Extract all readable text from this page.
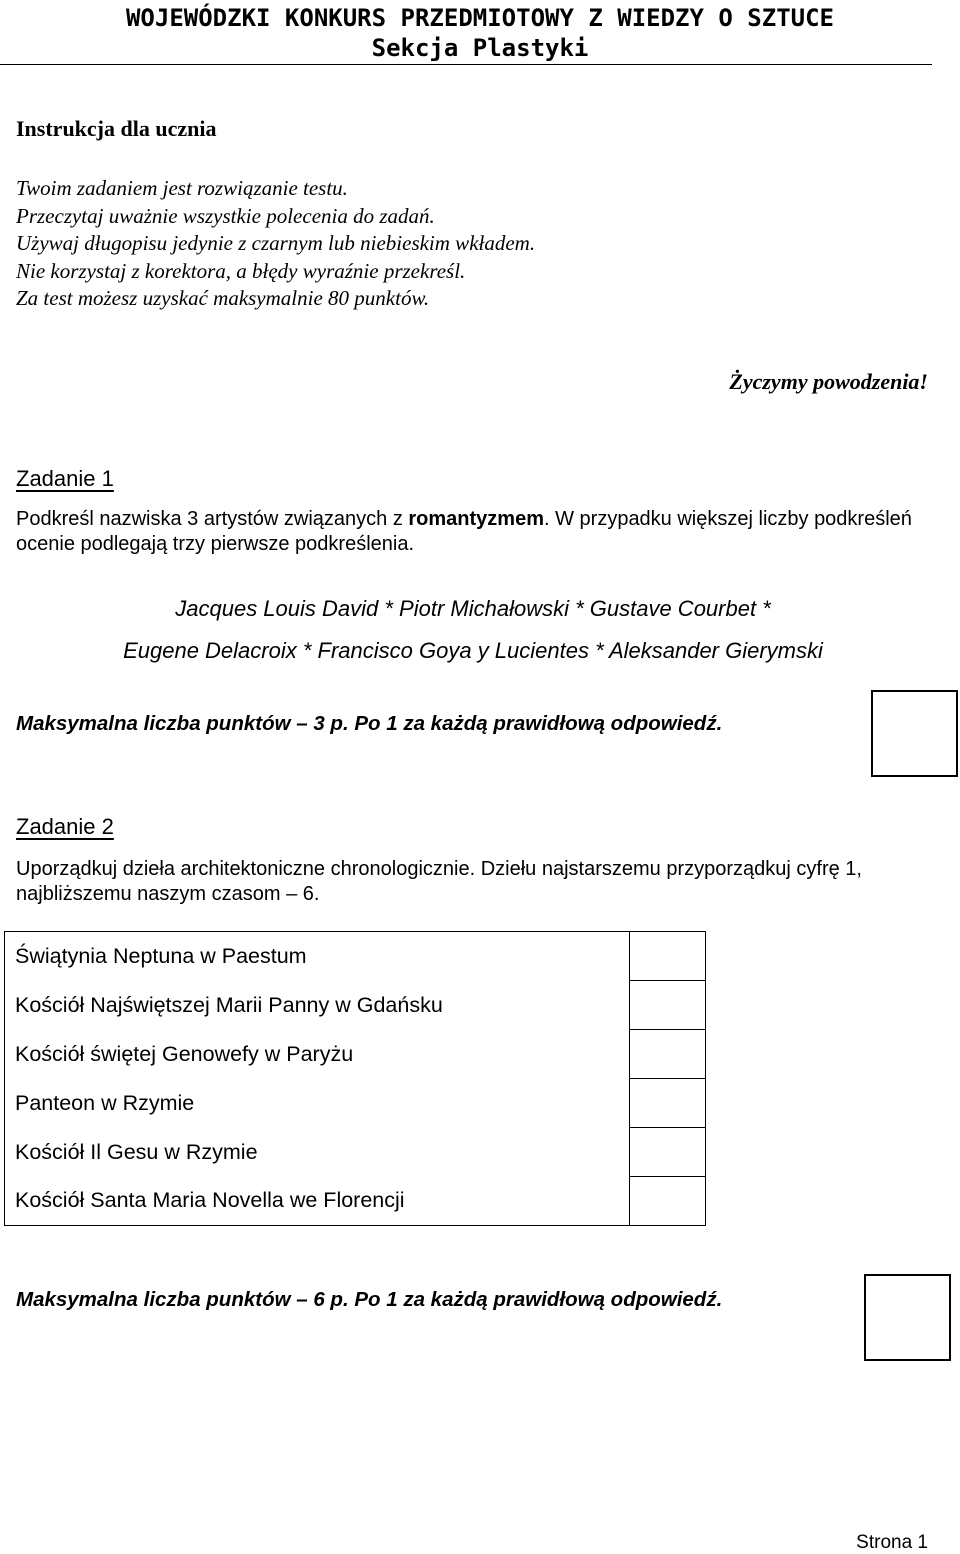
WOJEWÓDZKI KONKURS PRZEDMIOTOWY Z WIEDZY O SZTUCE
Sekcja Plastyki
Instrukcja dla ucznia
Twoim zadaniem jest rozwiązanie testu.
Przeczytaj uważnie wszystkie polecenia do zadań.
Używaj długopisu jedynie z czarnym lub niebieskim wkładem.
Nie korzystaj z korektora, a błędy wyraźnie przekreśl.
Za test możesz uzyskać maksymalnie 80 punktów.
Życzymy powodzenia!
Zadanie 1
Podkreśl nazwiska 3 artystów związanych z romantyzmem. W przypadku większej liczby podkreśleń ocenie podlegają trzy pierwsze podkreślenia.
Jacques Louis David * Piotr Michałowski * Gustave Courbet *
Eugene Delacroix * Francisco Goya y Lucientes * Aleksander Gierymski
Maksymalna liczba punktów – 3 p. Po 1 za każdą prawidłową odpowiedź.
Zadanie 2
Uporządkuj dzieła architektoniczne chronologicznie. Dziełu najstarszemu przyporządkuj cyfrę 1, najbliższemu naszym czasom – 6.
Świątynia Neptuna w Paestum	
Kościół Najświętszej Marii Panny w Gdańsku	
Kościół świętej Genowefy w Paryżu	
Panteon w Rzymie	
Kościół Il Gesu w Rzymie	
Kościół Santa Maria Novella we Florencji	
Maksymalna liczba punktów – 6 p. Po 1 za każdą prawidłową odpowiedź.
Strona 1
